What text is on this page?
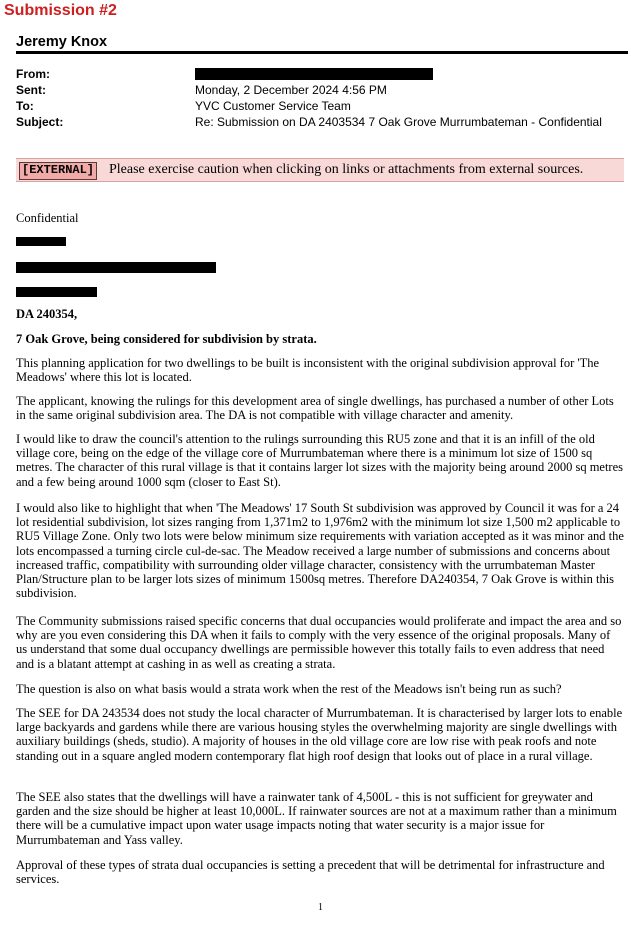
Submission #2
Jeremy Knox
From:
Sent:	Monday, 2 December 2024 4:56 PM
To:	YVC Customer Service Team
Subject:	Re: Submission on DA 2403534 7 Oak Grove Murrumbateman - Confidential
[EXTERNAL] Please exercise caution when clicking on links or attachments from external sources.
Confidential
DA 240354,
7 Oak Grove, being considered for subdivision by strata.
This planning application for two dwellings to be built is inconsistent with the original subdivision approval for 'The Meadows' where this lot is located.
The applicant, knowing the rulings for this development area of single dwellings, has purchased a number of other Lots in the same original subdivision area. The DA is not compatible with village character and amenity.
I would like to draw the council's attention to the rulings surrounding this RU5 zone and that it is an infill of the old village core, being on the edge of the village core of Murrumbateman where there is a minimum lot size of 1500 sq metres. The character of this rural village is that it contains larger lot sizes with the majority being around 2000 sq metres and a few being around 1000 sqm (closer to East St).
I would also like to highlight that when 'The Meadows' 17 South St subdivision was approved by Council it was for a 24 lot residential subdivision, lot sizes ranging from 1,371m2 to 1,976m2 with the minimum lot size 1,500 m2 applicable to RU5 Village Zone. Only two lots were below minimum size requirements with variation accepted as it was minor and the lots encompassed a turning circle cul-de-sac. The Meadow received a large number of submissions and concerns about increased traffic, compatibility with surrounding older village character, consistency with the urrumbateman Master Plan/Structure plan to be larger lots sizes of minimum 1500sq metres. Therefore DA240354, 7 Oak Grove is within this subdivision.
The Community submissions raised specific concerns that dual occupancies would proliferate and impact the area and so why are you even considering this DA when it fails to comply with the very essence of the original proposals. Many of us understand that some dual occupancy dwellings are permissible however this totally fails to even address that need and is a blatant attempt at cashing in as well as creating a strata.
The question is also on what basis would a strata work when the rest of the Meadows isn't being run as such?
The SEE for DA 243534 does not study the local character of Murrumbateman. It is characterised by larger lots to enable large backyards and gardens while there are various housing styles the overwhelming majority are single dwellings with auxiliary buildings (sheds, studio). A majority of houses in the old village core are low rise with peak roofs and note standing out in a square angled modern contemporary flat high roof design that looks out of place in a rural village.
The SEE also states that the dwellings will have a rainwater tank of 4,500L - this is not sufficient for greywater and garden and the size should be higher at least 10,000L. If rainwater sources are not at a maximum rather than a minimum there will be a cumulative impact upon water usage impacts noting that water security is a major issue for Murrumbateman and Yass valley.
Approval of these types of strata dual occupancies is setting a precedent that will be detrimental for infrastructure and services.
1
